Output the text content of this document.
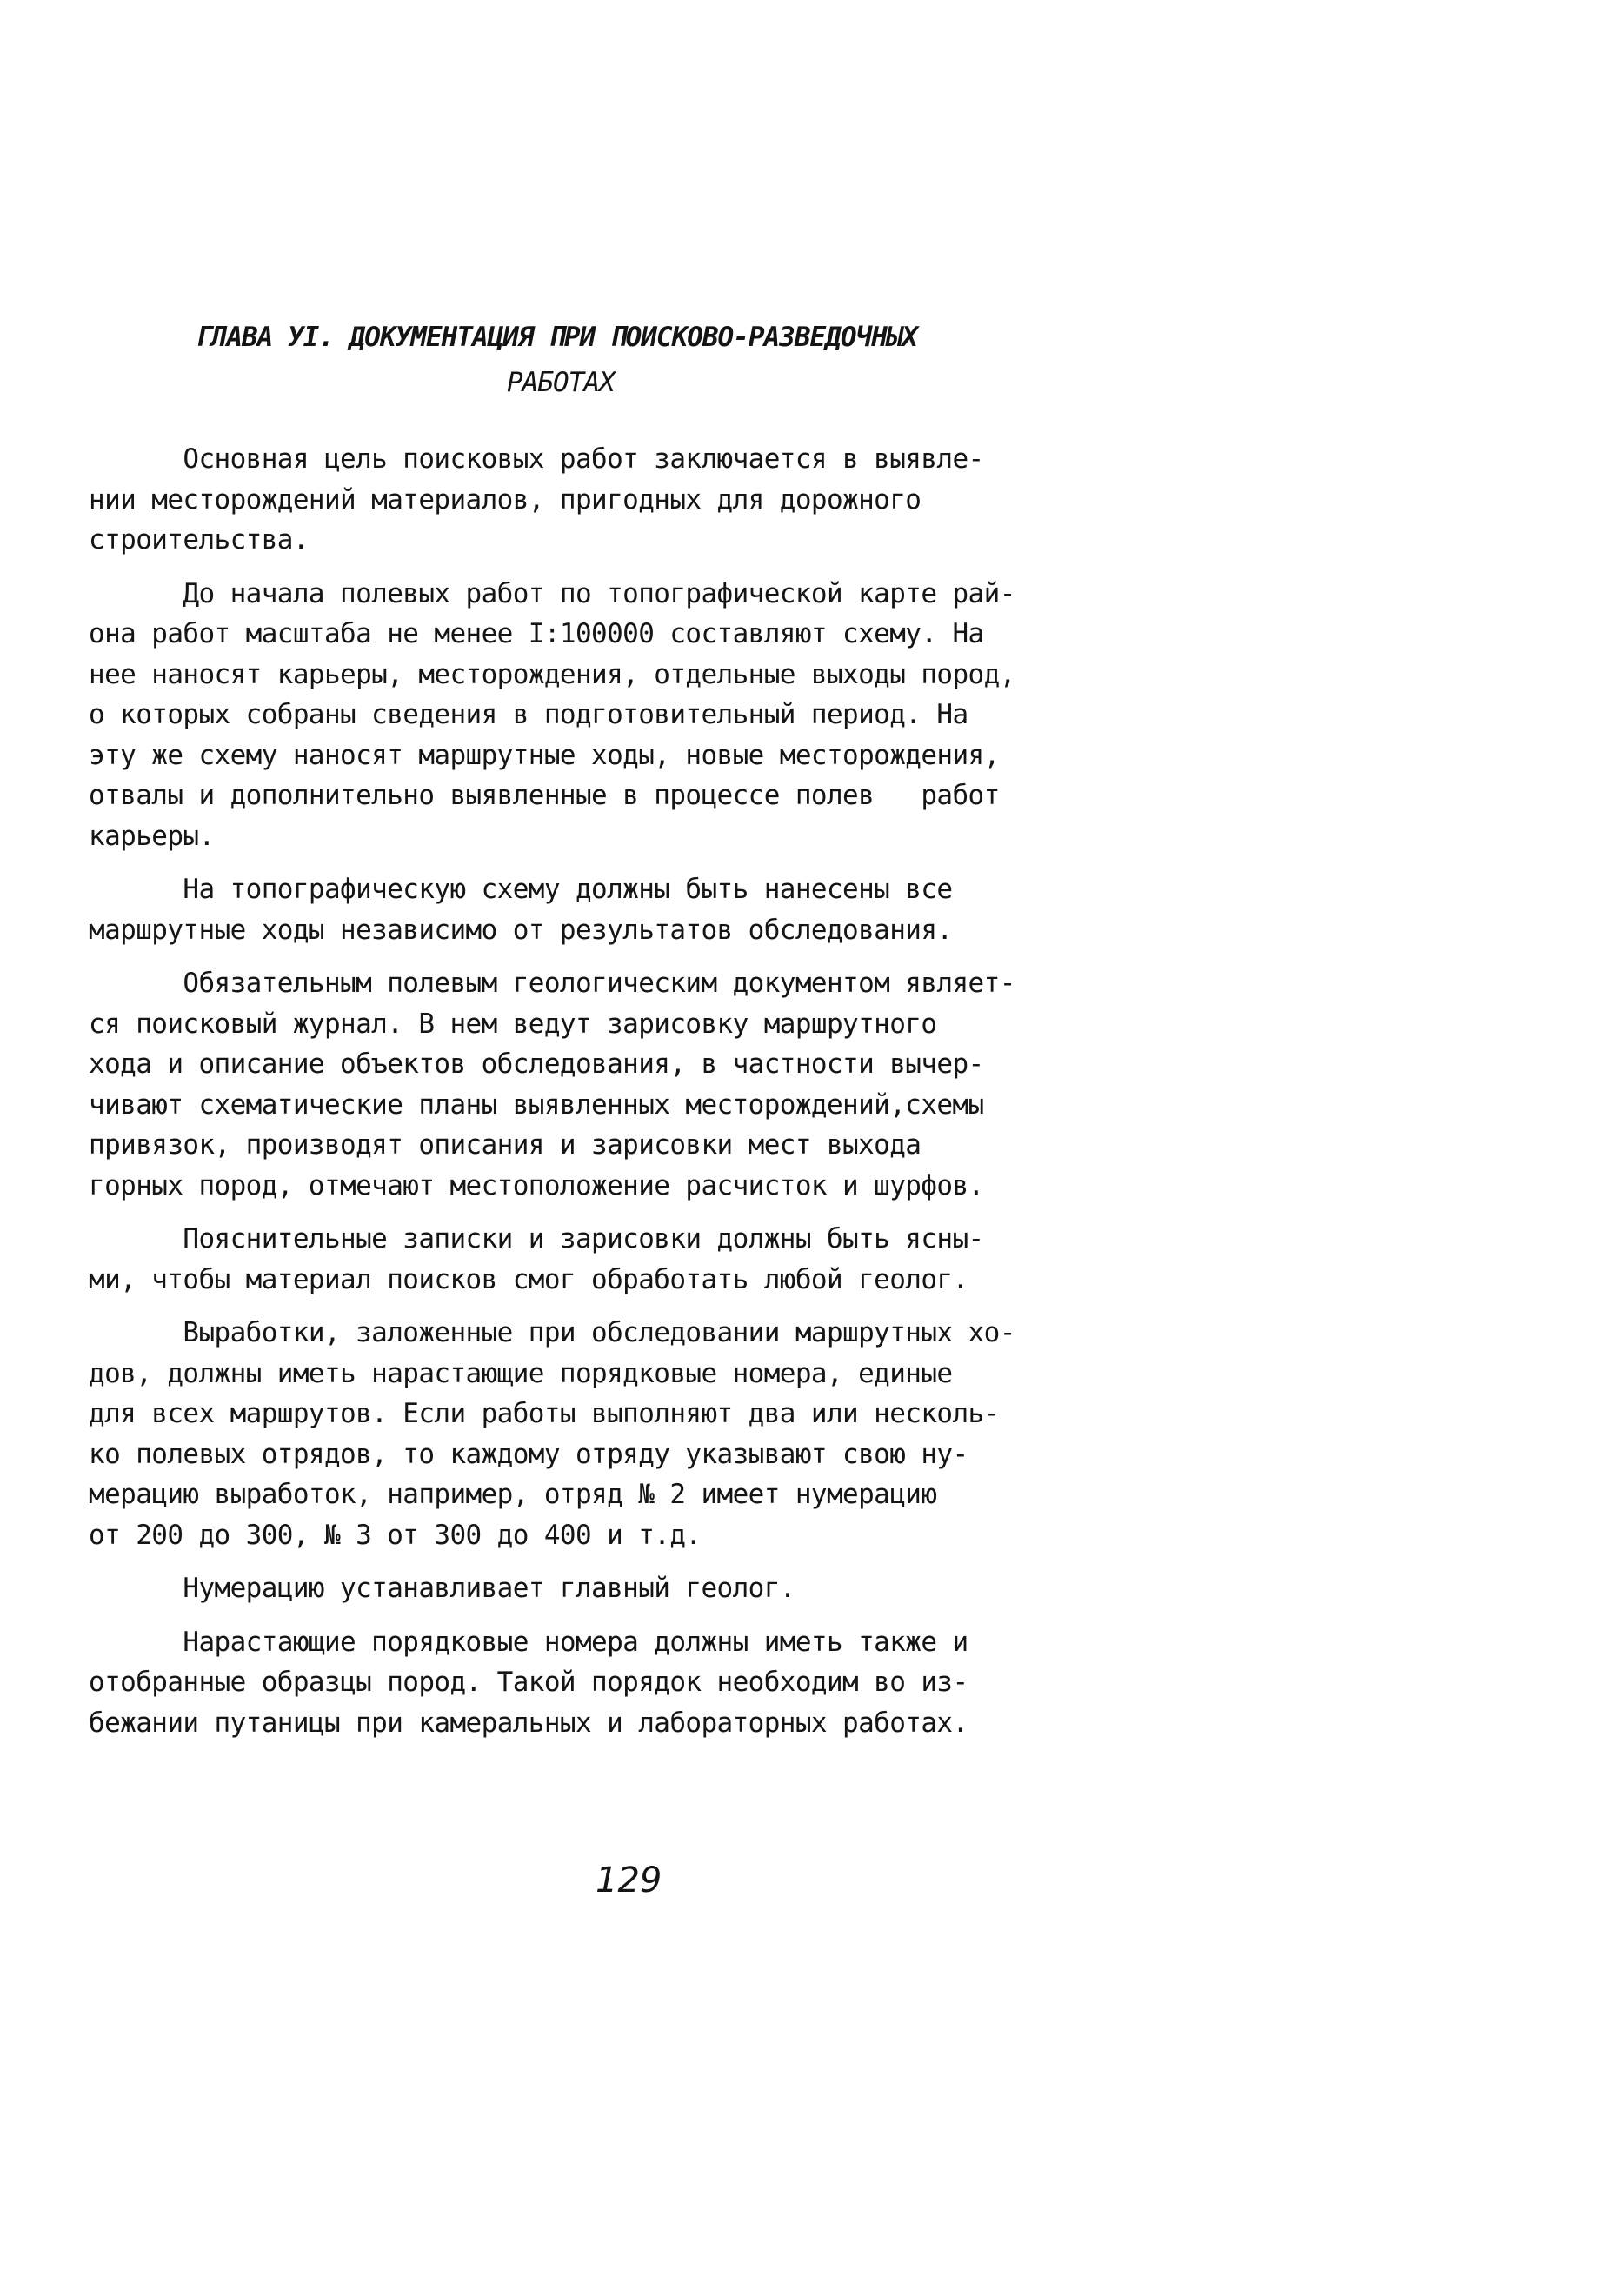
ГЛАВА УI. ДОКУМЕНТАЦИЯ ПРИ ПОИСКОВО-РАЗВЕДОЧНЫХ
РАБОТАХ

Основная цель поисковых работ заключается в выявле-
нии месторождений материалов, пригодных для дорожного
строительства.

До начала полевых работ по топографической карте рай-
она работ масштаба не менее I:100000 составляют схему. На
нее наносят карьеры, месторождения, отдельные выходы пород,
о которых собраны сведения в подготовительный период. На
эту же схему наносят маршрутные ходы, новые месторождения,
отвалы и дополнительно выявленные в процессе полев   работ
карьеры.

На топографическую схему должны быть нанесены все
маршрутные ходы независимо от результатов обследования.

Обязательным полевым геологическим документом являет-
ся поисковый журнал. В нем ведут зарисовку маршрутного
хода и описание объектов обследования, в частности вычер-
чивают схематические планы выявленных месторождений,схемы
привязок, производят описания и зарисовки мест выхода
горных пород, отмечают местоположение расчисток и шурфов.

Пояснительные записки и зарисовки должны быть ясны-
ми, чтобы материал поисков смог обработать любой геолог.

Выработки, заложенные при обследовании маршрутных хо-
дов, должны иметь нарастающие порядковые номера, единые
для всех маршрутов. Если работы выполняют два или несколь-
ко полевых отрядов, то каждому отряду указывают свою ну-
мерацию выработок, например, отряд № 2 имеет нумерацию
от 200 до 300, № 3 от 300 до 400 и т.д.

Нумерацию устанавливает главный геолог.

Нарастающие порядковые номера должны иметь также и
отобранные образцы пород. Такой порядок необходим во из-
бежании путаницы при камеральных и лабораторных работах.

129
